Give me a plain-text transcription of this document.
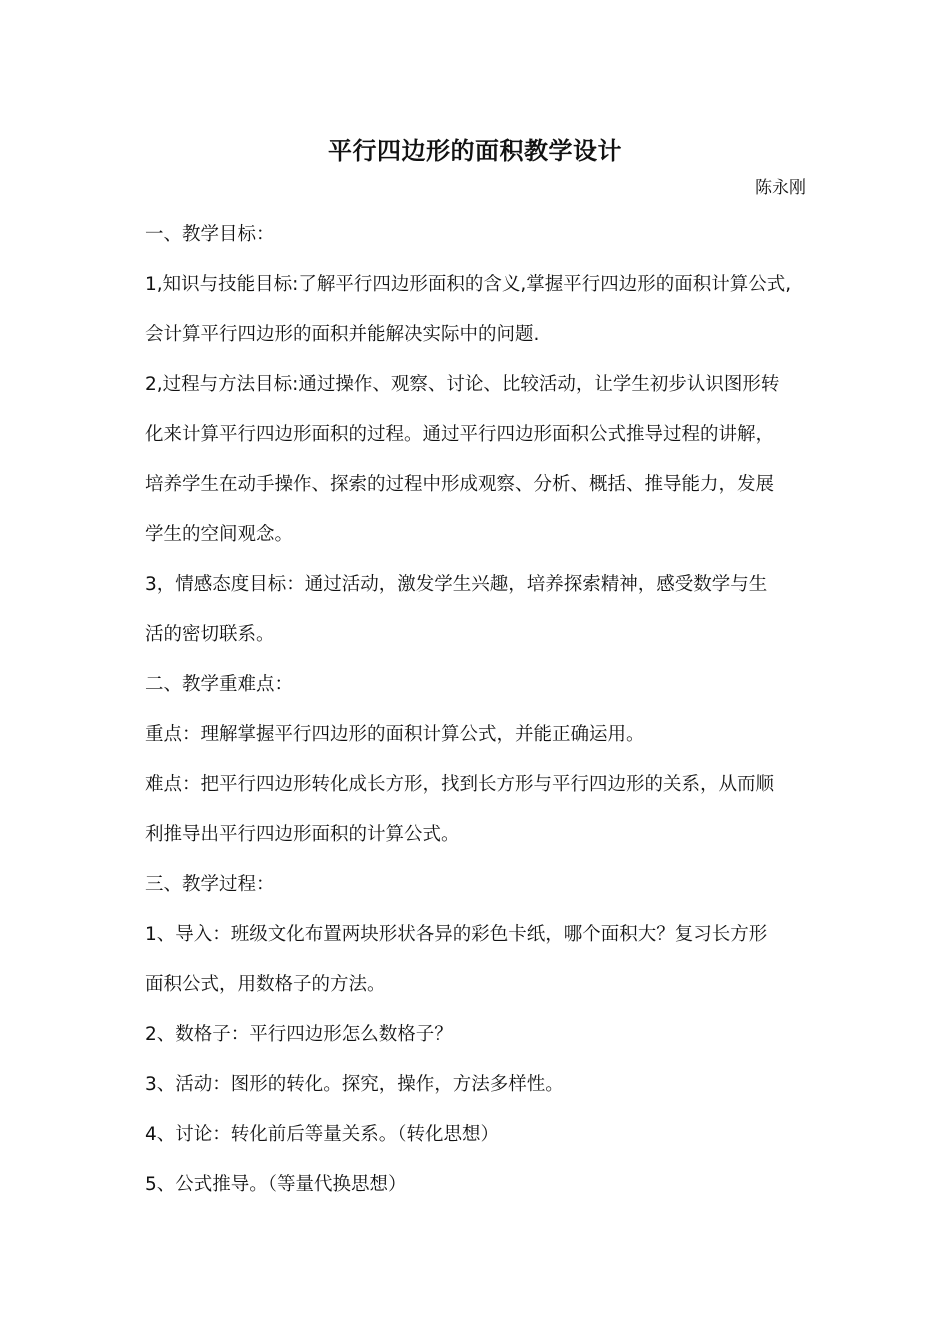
平行四边形的面积教学设计
陈永刚
一、教学目标：
1,知识与技能目标:了解平行四边形面积的含义,掌握平行四边形的面积计算公式,
会计算平行四边形的面积并能解决实际中的问题.
2,过程与方法目标:通过操作、观察、讨论、比较活动，让学生初步认识图形转
化来计算平行四边形面积的过程。通过平行四边形面积公式推导过程的讲解，
培养学生在动手操作、探索的过程中形成观察、分析、概括、推导能力，发展
学生的空间观念。
3，情感态度目标：通过活动，激发学生兴趣，培养探索精神，感受数学与生
活的密切联系。
二、教学重难点：
重点：理解掌握平行四边形的面积计算公式，并能正确运用。
难点：把平行四边形转化成长方形，找到长方形与平行四边形的关系，从而顺
利推导出平行四边形面积的计算公式。
三、教学过程：
1、导入：班级文化布置两块形状各异的彩色卡纸，哪个面积大？复习长方形
面积公式，用数格子的方法。
2、数格子：平行四边形怎么数格子？
3、活动：图形的转化。探究，操作，方法多样性。
4、讨论：转化前后等量关系。（转化思想）
5、公式推导。（等量代换思想）
